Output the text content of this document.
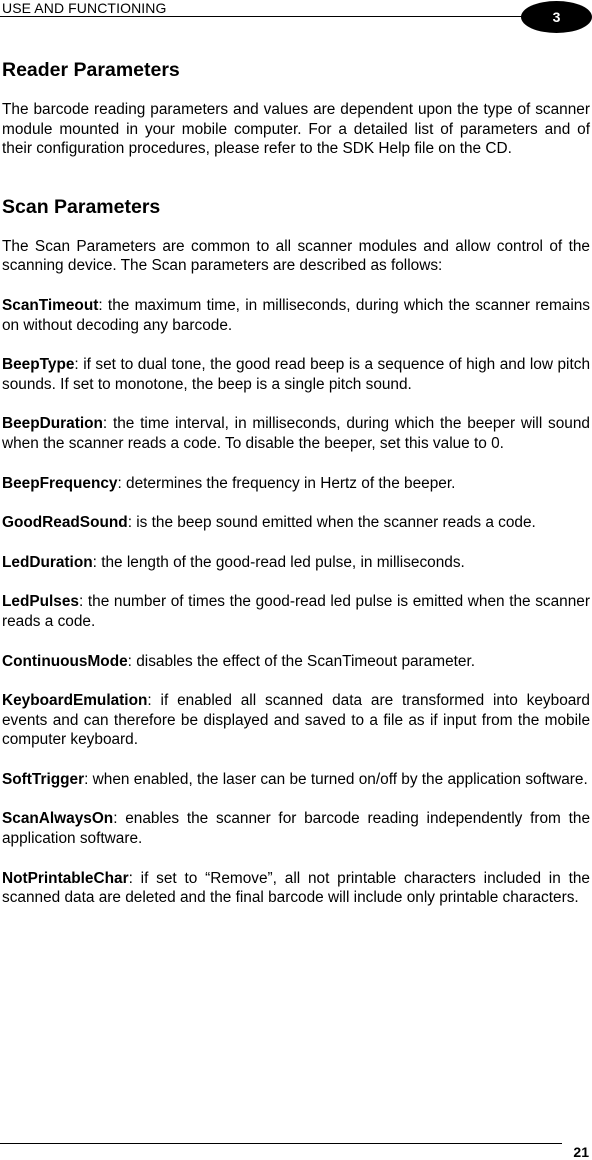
USE AND FUNCTIONING
3
Reader Parameters

The barcode reading parameters and values are dependent upon the type of scanner module mounted in your mobile computer. For a detailed list of parameters and of their configuration procedures, please refer to the SDK Help file on the CD.

Scan Parameters

The Scan Parameters are common to all scanner modules and allow control of the scanning device. The Scan parameters are described as follows:

ScanTimeout: the maximum time, in milliseconds, during which the scanner remains on without decoding any barcode.

BeepType: if set to dual tone, the good read beep is a sequence of high and low pitch sounds. If set to monotone, the beep is a single pitch sound.

BeepDuration: the time interval, in milliseconds, during which the beeper will sound when the scanner reads a code. To disable the beeper, set this value to 0.

BeepFrequency: determines the frequency in Hertz of the beeper.

GoodReadSound: is the beep sound emitted when the scanner reads a code.

LedDuration: the length of the good-read led pulse, in milliseconds.

LedPulses: the number of times the good-read led pulse is emitted when the scanner reads a code.

ContinuousMode: disables the effect of the ScanTimeout parameter.

KeyboardEmulation: if enabled all scanned data are transformed into keyboard events and can therefore be displayed and saved to a file as if input from the mobile computer keyboard.

SoftTrigger: when enabled, the laser can be turned on/off by the application software.

ScanAlwaysOn: enables the scanner for barcode reading independently from the application software.

NotPrintableChar: if set to “Remove”, all not printable characters included in the scanned data are deleted and the final barcode will include only printable characters.

21
